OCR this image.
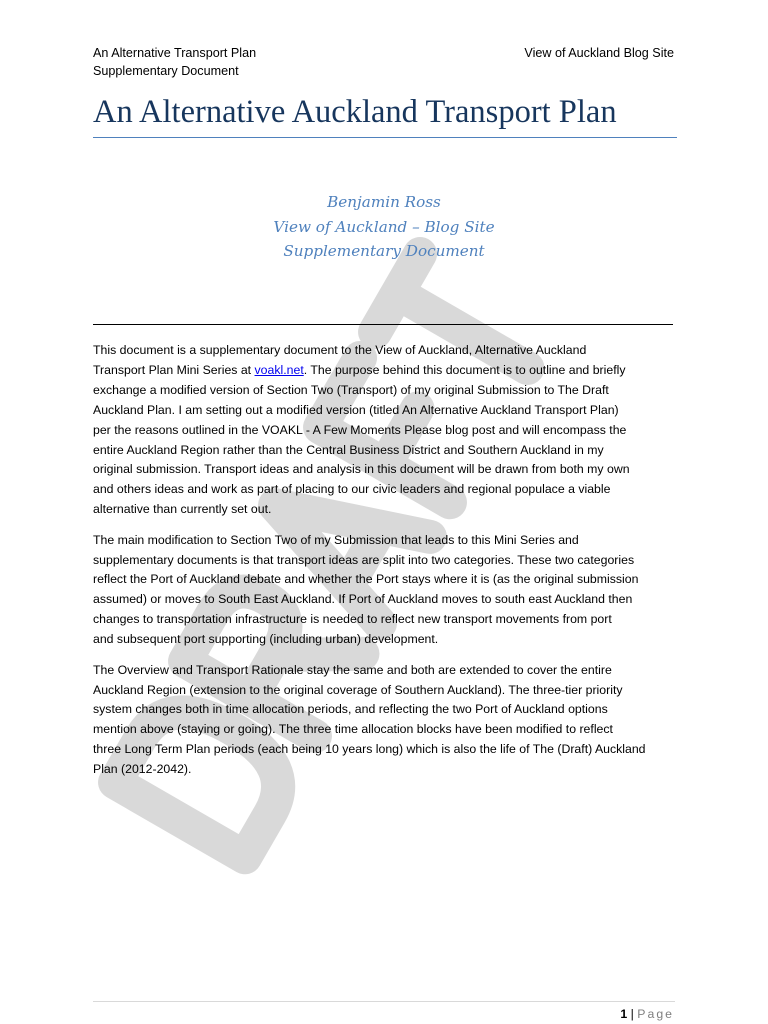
An Alternative Transport Plan
Supplementary Document
View of Auckland Blog Site
An Alternative Auckland Transport Plan
Benjamin Ross
View of Auckland – Blog Site
Supplementary Document

This document is a supplementary document to the View of Auckland, Alternative Auckland
Transport Plan Mini Series at voakl.net. The purpose behind this document is to outline and briefly
exchange a modified version of Section Two (Transport) of my original Submission to The Draft
Auckland Plan. I am setting out a modified version (titled An Alternative Auckland Transport Plan)
per the reasons outlined in the VOAKL - A Few Moments Please blog post and will encompass the
entire Auckland Region rather than the Central Business District and Southern Auckland in my
original submission. Transport ideas and analysis in this document will be drawn from both my own
and others ideas and work as part of placing to our civic leaders and regional populace a viable
alternative than currently set out.

The main modification to Section Two of my Submission that leads to this Mini Series and
supplementary documents is that transport ideas are split into two categories. These two categories
reflect the Port of Auckland debate and whether the Port stays where it is (as the original submission
assumed) or moves to South East Auckland. If Port of Auckland moves to south east Auckland then
changes to transportation infrastructure is needed to reflect new transport movements from port
and subsequent port supporting (including urban) development.

The Overview and Transport Rationale stay the same and both are extended to cover the entire
Auckland Region (extension to the original coverage of Southern Auckland). The three-tier priority
system changes both in time allocation periods, and reflecting the two Port of Auckland options
mention above (staying or going). The three time allocation blocks have been modified to reflect
three Long Term Plan periods (each being 10 years long) which is also the life of The (Draft) Auckland
Plan (2012-2042).

1 | Page
